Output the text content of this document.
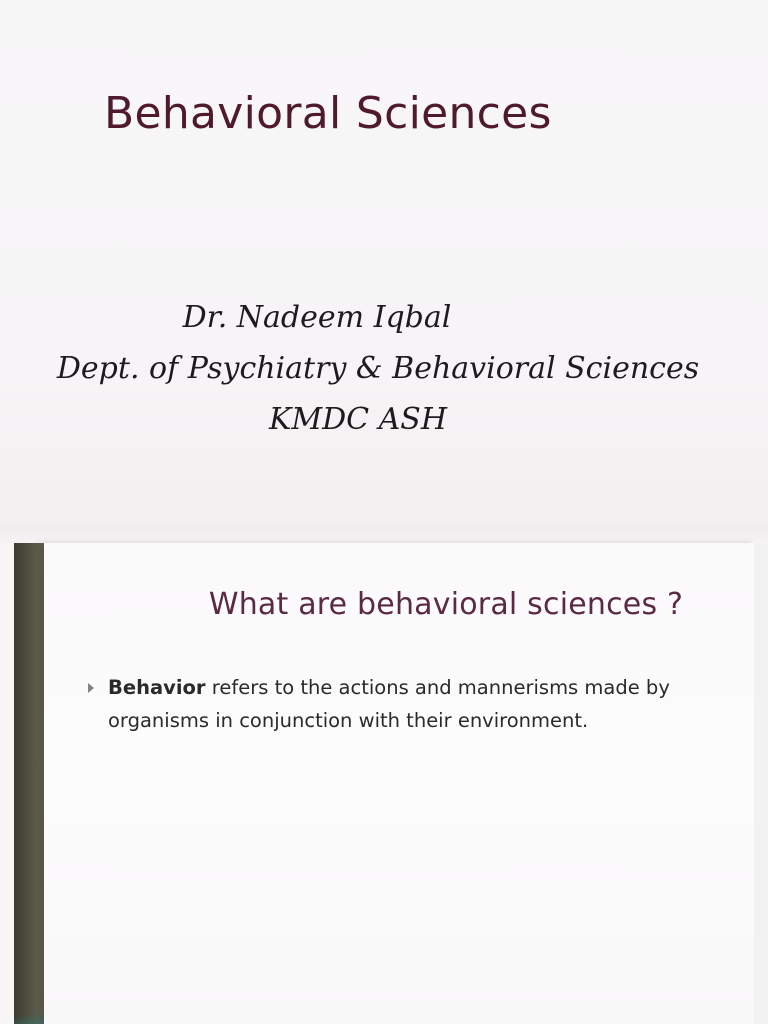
Behavioral Sciences
Dr. Nadeem Iqbal
Dept. of Psychiatry & Behavioral Sciences
KMDC ASH
What are behavioral sciences ?
Behavior refers to the actions and mannerisms made by organisms in conjunction with their environment.
